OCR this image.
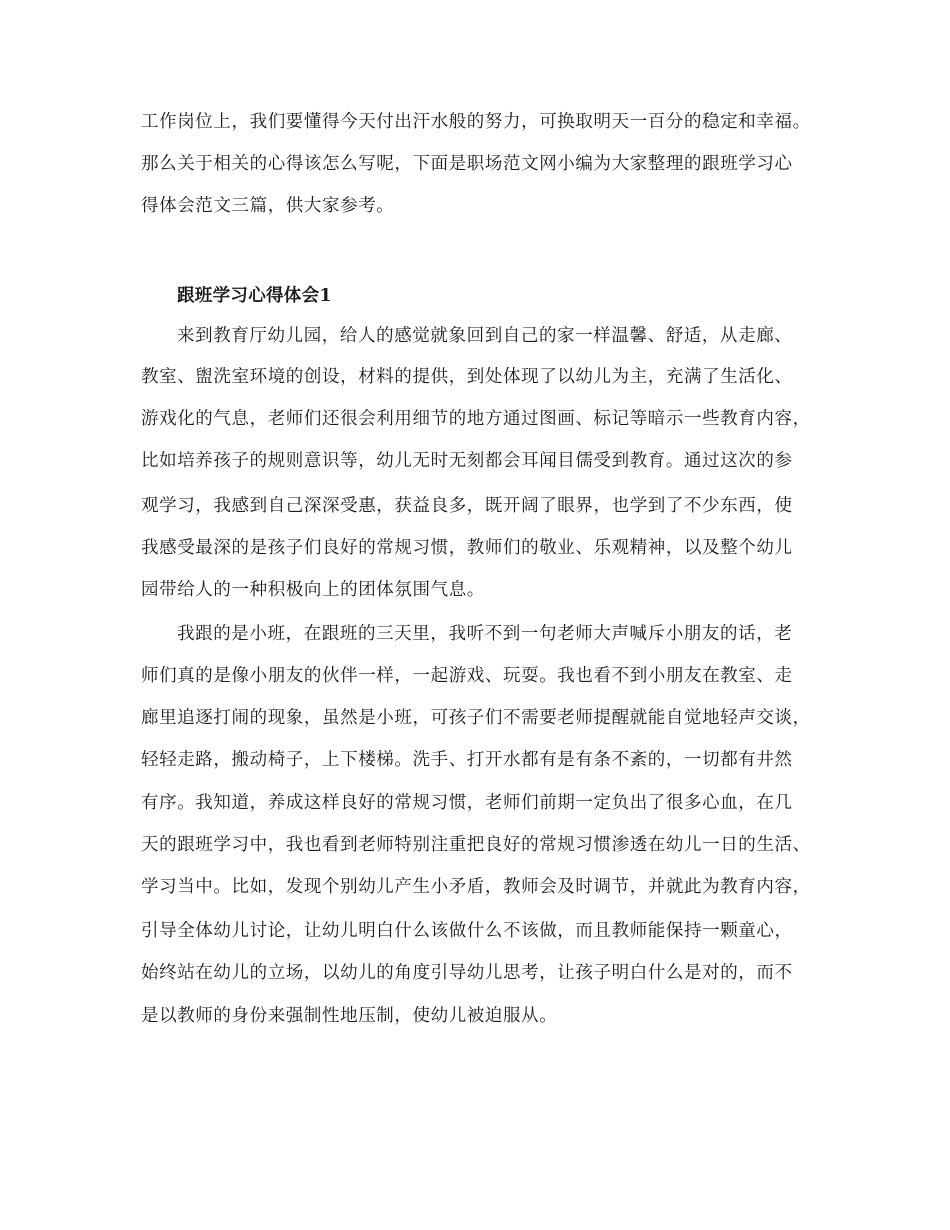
工作岗位上，我们要懂得今天付出汗水般的努力，可换取明天一百分的稳定和幸福。

那么关于相关的心得该怎么写呢，下面是职场范文网小编为大家整理的跟班学习心

得体会范文三篇，供大家参考。

跟班学习心得体会1

来到教育厅幼儿园，给人的感觉就象回到自己的家一样温馨、舒适，从走廊、

教室、盥洗室环境的创设，材料的提供，到处体现了以幼儿为主，充满了生活化、

游戏化的气息，老师们还很会利用细节的地方通过图画、标记等暗示一些教育内容，

比如培养孩子的规则意识等，幼儿无时无刻都会耳闻目儒受到教育。通过这次的参

观学习，我感到自己深深受惠，获益良多，既开阔了眼界，也学到了不少东西，使

我感受最深的是孩子们良好的常规习惯，教师们的敬业、乐观精神，以及整个幼儿

园带给人的一种积极向上的团体氛围气息。

我跟的是小班，在跟班的三天里，我听不到一句老师大声喊斥小朋友的话，老

师们真的是像小朋友的伙伴一样，一起游戏、玩耍。我也看不到小朋友在教室、走

廊里追逐打闹的现象，虽然是小班，可孩子们不需要老师提醒就能自觉地轻声交谈，

轻轻走路，搬动椅子，上下楼梯。洗手、打开水都有是有条不紊的，一切都有井然

有序。我知道，养成这样良好的常规习惯，老师们前期一定负出了很多心血，在几

天的跟班学习中，我也看到老师特别注重把良好的常规习惯渗透在幼儿一日的生活、

学习当中。比如，发现个别幼儿产生小矛盾，教师会及时调节，并就此为教育内容，

引导全体幼儿讨论，让幼儿明白什么该做什么不该做，而且教师能保持一颗童心，

始终站在幼儿的立场，以幼儿的角度引导幼儿思考，让孩子明白什么是对的，而不

是以教师的身份来强制性地压制，使幼儿被迫服从。
